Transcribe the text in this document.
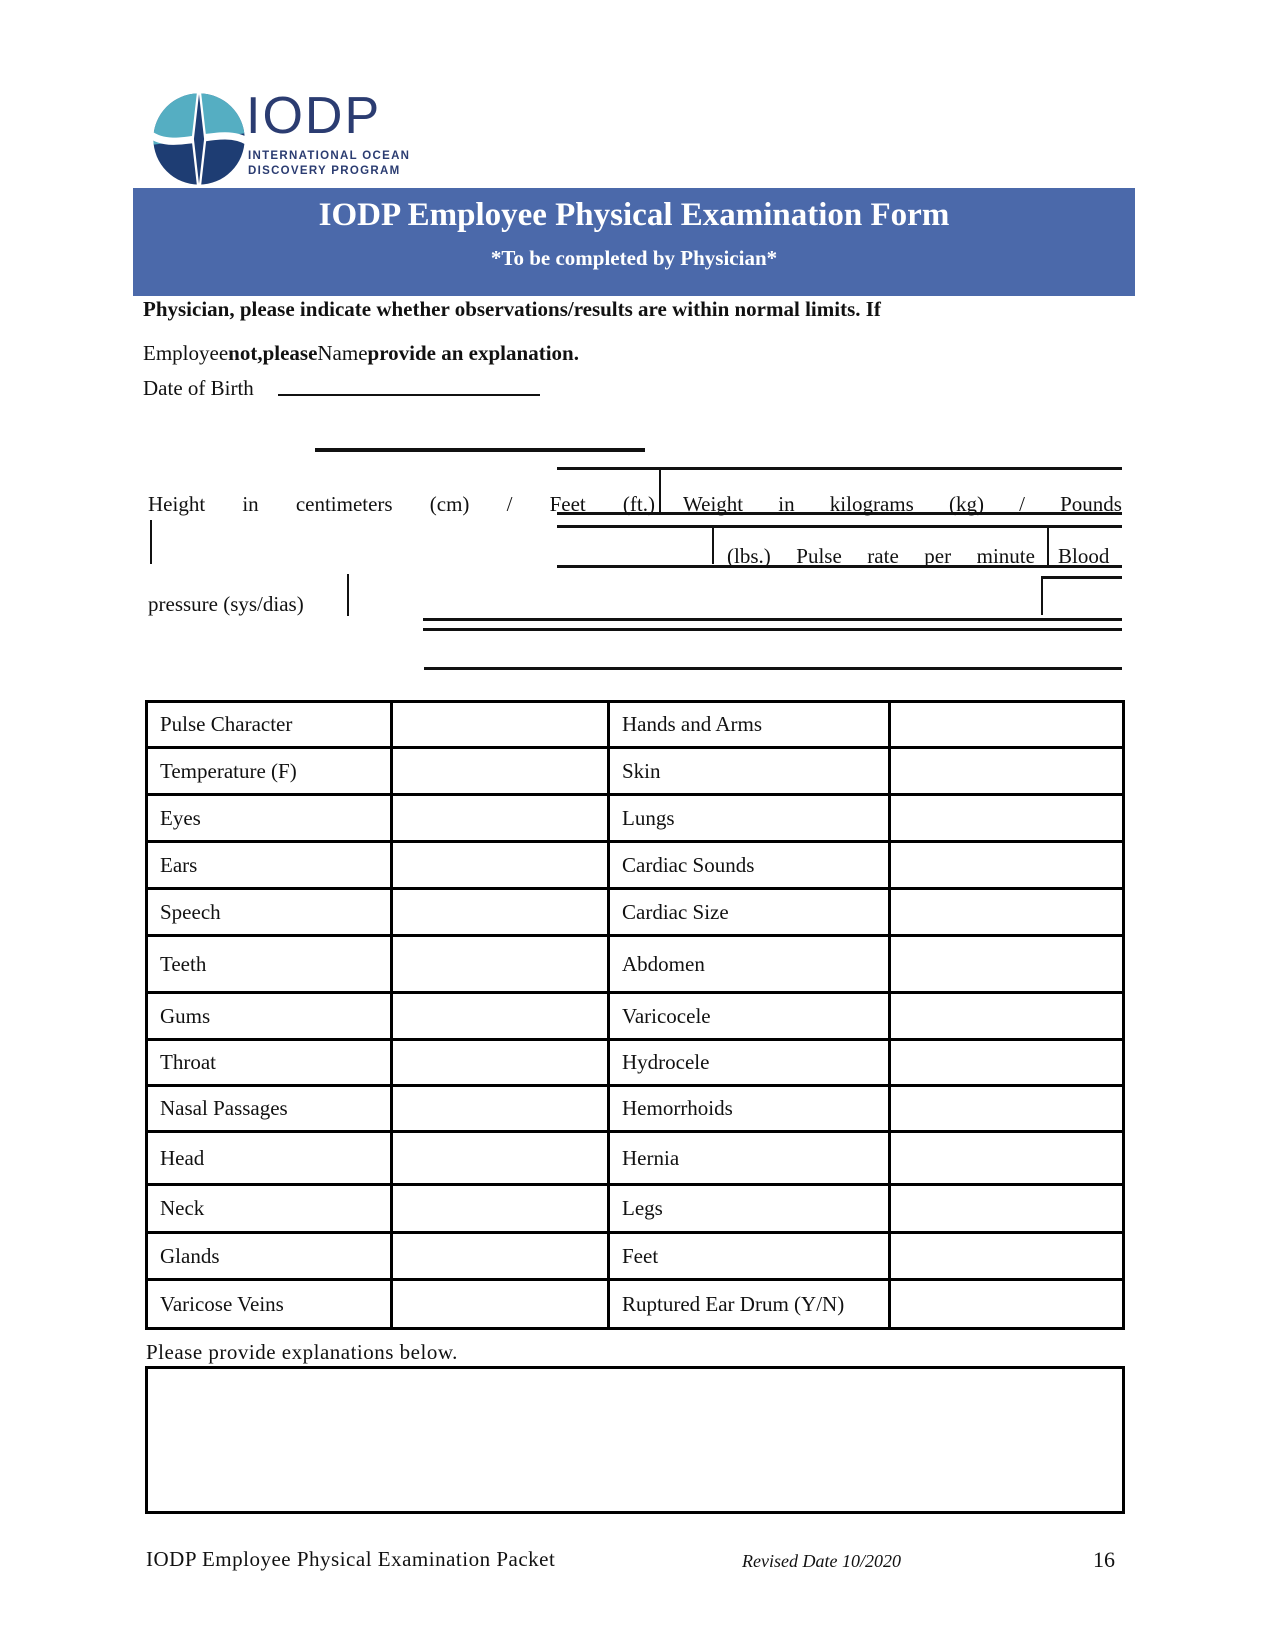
IODP
INTERNATIONAL OCEAN
DISCOVERY PROGRAM
IODP Employee Physical Examination Form
*To be completed by Physician*
Physician, please indicate whether observations/results are within normal limits. If
Employeenot,pleaseNameprovide an explanation.
Date of Birth
Height in centimeters (cm) / Feet (ft.) Weight in kilograms (kg) / Pounds
(lbs.) Pulse rate per minute Blood
pressure (sys/dias)
Pulse Character	Hands and Arms
Temperature (F)	Skin
Eyes	Lungs
Ears	Cardiac Sounds
Speech	Cardiac Size
Teeth	Abdomen
Gums	Varicocele
Throat	Hydrocele
Nasal Passages	Hemorrhoids
Head	Hernia
Neck	Legs
Glands	Feet
Varicose Veins	Ruptured Ear Drum (Y/N)
Please provide explanations below.
IODP Employee Physical Examination Packet	Revised Date 10/2020	16
